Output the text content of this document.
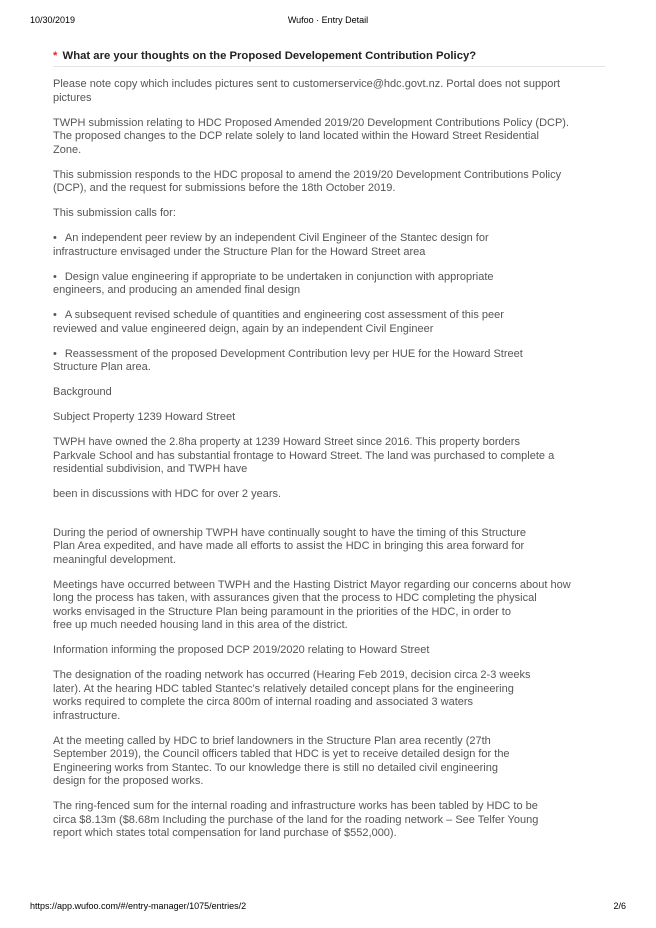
10/30/2019	Wufoo · Entry Detail
* What are your thoughts on the Proposed Developement Contribution Policy?

Please note copy which includes pictures sent to customerservice@hdc.govt.nz. Portal does not support
pictures

TWPH submission relating to HDC Proposed Amended 2019/20 Development Contributions Policy (DCP).
The proposed changes to the DCP relate solely to land located within the Howard Street Residential
Zone.

This submission responds to the HDC proposal to amend the 2019/20 Development Contributions Policy
(DCP), and the request for submissions before the 18th October 2019.

This submission calls for:

• An independent peer review by an independent Civil Engineer of the Stantec design for
infrastructure envisaged under the Structure Plan for the Howard Street area

• Design value engineering if appropriate to be undertaken in conjunction with appropriate
engineers, and producing an amended final design

• A subsequent revised schedule of quantities and engineering cost assessment of this peer
reviewed and value engineered deign, again by an independent Civil Engineer

• Reassessment of the proposed Development Contribution levy per HUE for the Howard Street
Structure Plan area.

Background

Subject Property 1239 Howard Street

TWPH have owned the 2.8ha property at 1239 Howard Street since 2016. This property borders
Parkvale School and has substantial frontage to Howard Street. The land was purchased to complete a
residential subdivision, and TWPH have

been in discussions with HDC for over 2 years.

During the period of ownership TWPH have continually sought to have the timing of this Structure
Plan Area expedited, and have made all efforts to assist the HDC in bringing this area forward for
meaningful development.

Meetings have occurred between TWPH and the Hasting District Mayor regarding our concerns about how
long the process has taken, with assurances given that the process to HDC completing the physical
works envisaged in the Structure Plan being paramount in the priorities of the HDC, in order to
free up much needed housing land in this area of the district.

Information informing the proposed DCP 2019/2020 relating to Howard Street

The designation of the roading network has occurred (Hearing Feb 2019, decision circa 2-3 weeks
later). At the hearing HDC tabled Stantec’s relatively detailed concept plans for the engineering
works required to complete the circa 800m of internal roading and associated 3 waters
infrastructure.

At the meeting called by HDC to brief landowners in the Structure Plan area recently (27th
September 2019), the Council officers tabled that HDC is yet to receive detailed design for the
Engineering works from Stantec. To our knowledge there is still no detailed civil engineering
design for the proposed works.

The ring-fenced sum for the internal roading and infrastructure works has been tabled by HDC to be
circa $8.13m ($8.68m Including the purchase of the land for the roading network – See Telfer Young
report which states total compensation for land purchase of $552,000).

https://app.wufoo.com/#/entry-manager/1075/entries/2	2/6
